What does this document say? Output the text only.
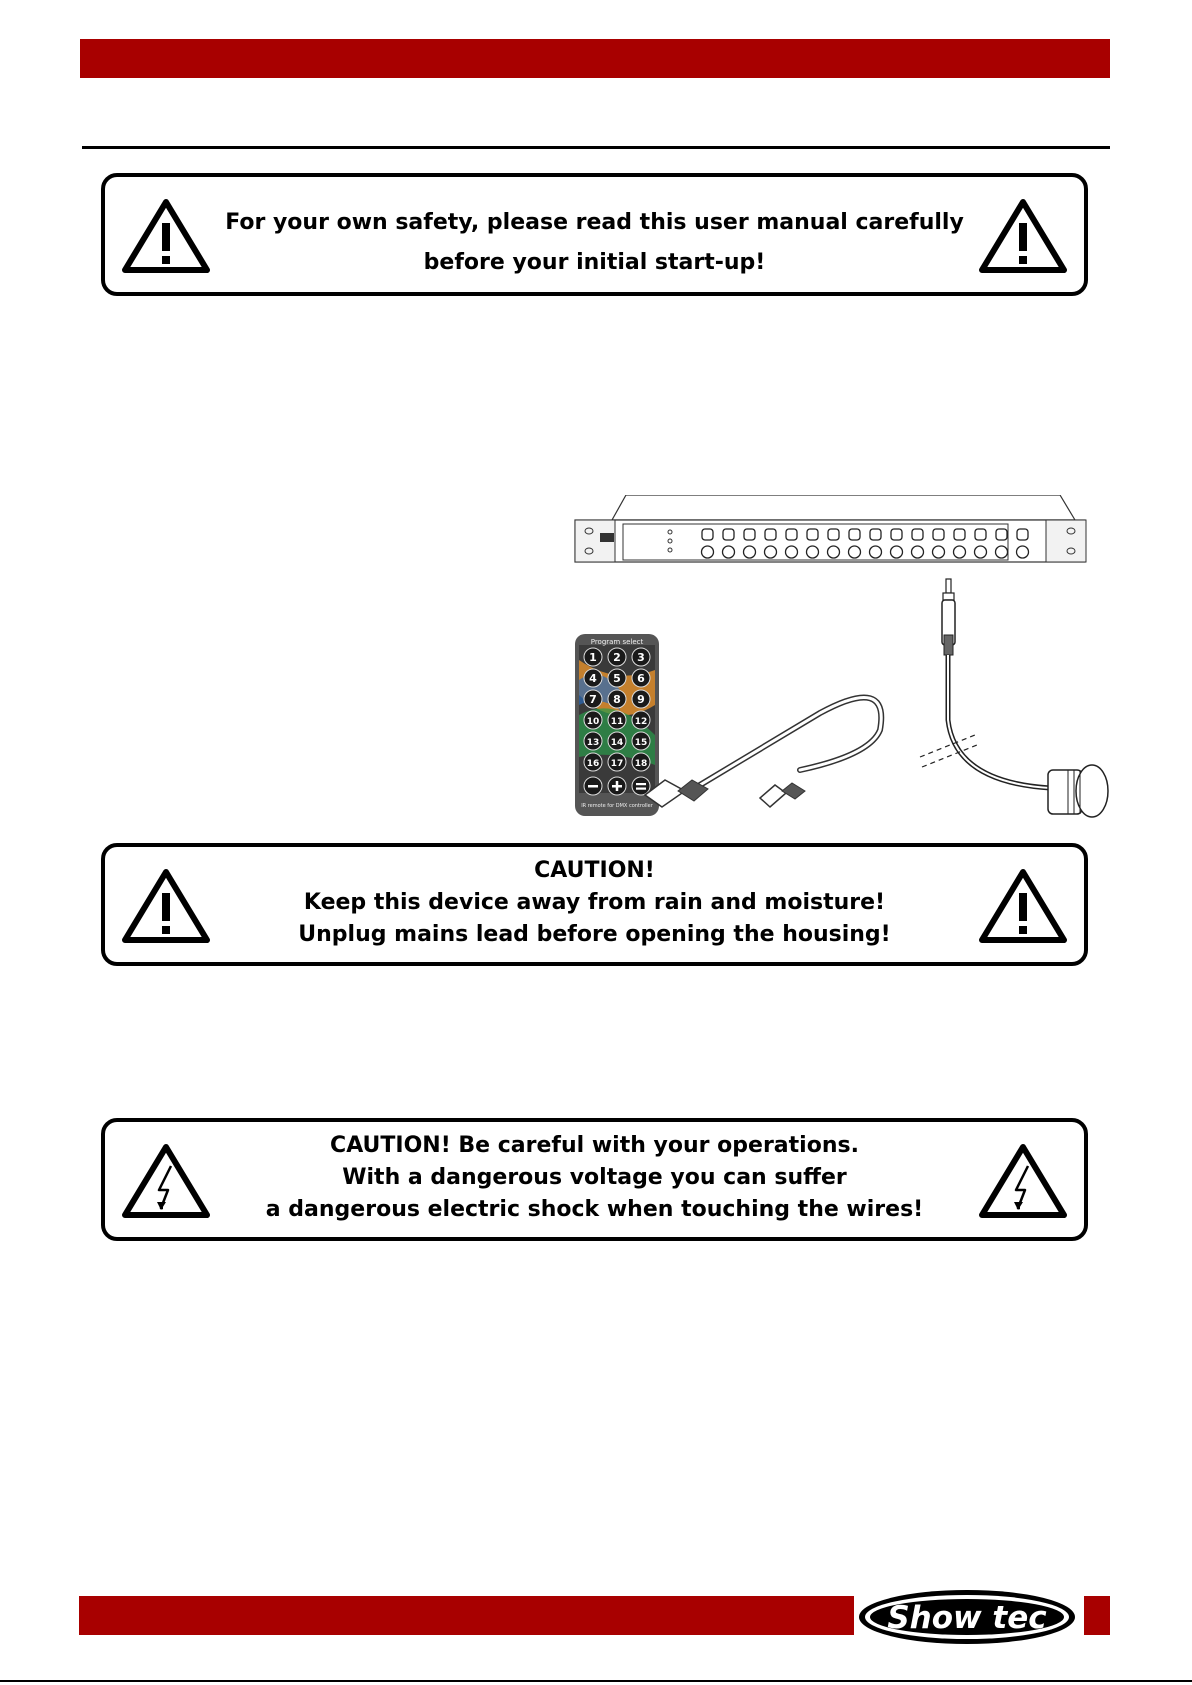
For your own safety, please read this user manual carefully
before your initial start-up!
Program select
1 2 3
4 5 6
7 8 9
10 11 12
13 14 15
16 17 18
IR remote for DMX controller
CAUTION!
Keep this device away from rain and moisture!
Unplug mains lead before opening the housing!
CAUTION! Be careful with your operations.
With a dangerous voltage you can suffer
a dangerous electric shock when touching the wires!
Show tec
